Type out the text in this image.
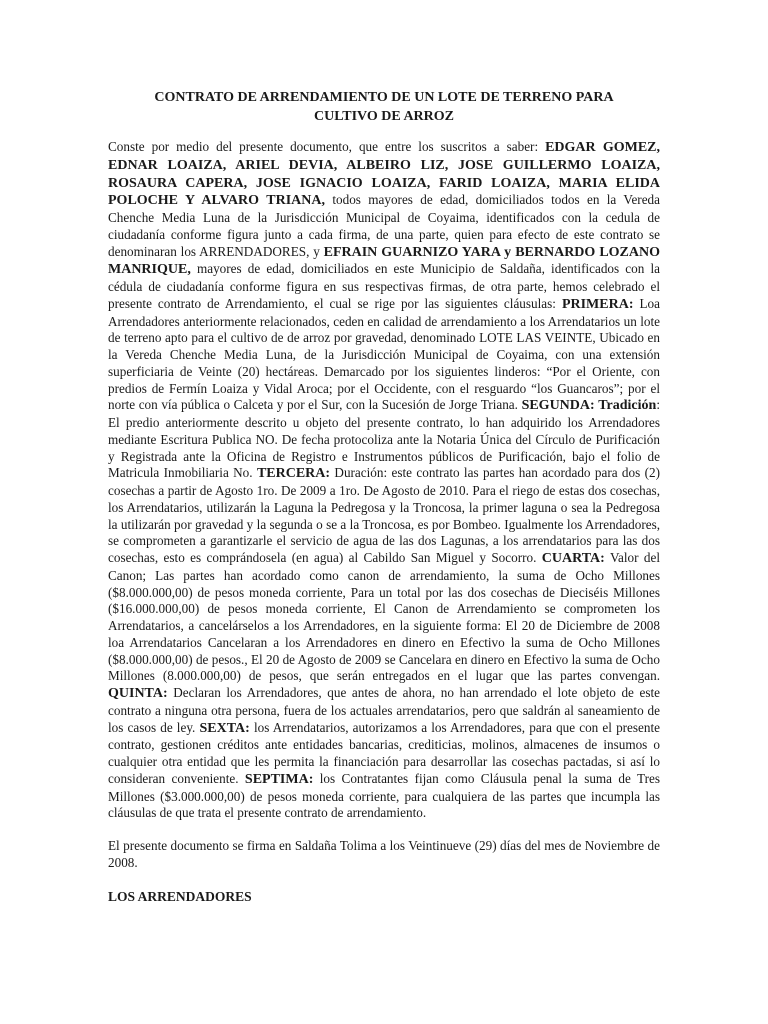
CONTRATO DE ARRENDAMIENTO DE UN LOTE DE TERRENO PARA
CULTIVO DE ARROZ

Conste por medio del presente documento, que entre los suscritos a saber: EDGAR GOMEZ, EDNAR LOAIZA, ARIEL DEVIA, ALBEIRO LIZ, JOSE GUILLERMO LOAIZA, ROSAURA CAPERA, JOSE IGNACIO LOAIZA, FARID LOAIZA, MARIA ELIDA POLOCHE Y ALVARO TRIANA, todos mayores de edad, domiciliados todos en la Vereda Chenche Media Luna de la Jurisdicción Municipal de Coyaima, identificados con la cedula de ciudadanía conforme figura junto a cada firma, de una parte, quien para efecto de este contrato se denominaran los ARRENDADORES, y EFRAIN GUARNIZO YARA y BERNARDO LOZANO MANRIQUE, mayores de edad, domiciliados en este Municipio de Saldaña, identificados con la cédula de ciudadanía conforme figura en sus respectivas firmas, de otra parte, hemos celebrado el presente contrato de Arrendamiento, el cual se rige por las siguientes cláusulas: PRIMERA: Loa Arrendadores anteriormente relacionados, ceden en calidad de arrendamiento a los Arrendatarios un lote de terreno apto para el cultivo de de arroz por gravedad, denominado LOTE LAS VEINTE, Ubicado en la Vereda Chenche Media Luna, de la Jurisdicción Municipal de Coyaima, con una extensión superficiaria de Veinte (20) hectáreas. Demarcado por los siguientes linderos: “Por el Oriente, con predios de Fermín Loaiza y Vidal Aroca; por el Occidente, con el resguardo “los Guancaros”; por el norte con vía pública o Calceta y por el Sur, con la Sucesión de Jorge Triana. SEGUNDA: Tradición: El predio anteriormente descrito u objeto del presente contrato, lo han adquirido los Arrendadores mediante Escritura Publica NO. De fecha protocoliza ante la Notaria Única del Círculo de Purificación y Registrada ante la Oficina de Registro e Instrumentos públicos de Purificación, bajo el folio de Matricula Inmobiliaria No. TERCERA: Duración: este contrato las partes han acordado para dos (2) cosechas a partir de Agosto 1ro. De 2009 a 1ro. De Agosto de 2010. Para el riego de estas dos cosechas, los Arrendatarios, utilizarán la Laguna la Pedregosa y la Troncosa, la primer laguna o sea la Pedregosa la utilizarán por gravedad y la segunda o se a la Troncosa, es por Bombeo. Igualmente los Arrendadores, se comprometen a garantizarle el servicio de agua de las dos Lagunas, a los arrendatarios para las dos cosechas, esto es comprándosela (en agua) al Cabildo San Miguel y Socorro. CUARTA: Valor del Canon; Las partes han acordado como canon de arrendamiento, la suma de Ocho Millones ($8.000.000,00) de pesos moneda corriente, Para un total por las dos cosechas de Dieciséis Millones ($16.000.000,00) de pesos moneda corriente, El Canon de Arrendamiento se comprometen los Arrendatarios, a cancelárselos a los Arrendadores, en la siguiente forma: El 20 de Diciembre de 2008 loa Arrendatarios Cancelaran a los Arrendadores en dinero en Efectivo la suma de Ocho Millones ($8.000.000,00) de pesos., El 20 de Agosto de 2009 se Cancelara en dinero en Efectivo la suma de Ocho Millones (8.000.000,00) de pesos, que serán entregados en el lugar que las partes convengan. QUINTA: Declaran los Arrendadores, que antes de ahora, no han arrendado el lote objeto de este contrato a ninguna otra persona, fuera de los actuales arrendatarios, pero que saldrán al saneamiento de los casos de ley. SEXTA: los Arrendatarios, autorizamos a los Arrendadores, para que con el presente contrato, gestionen créditos ante entidades bancarias, crediticias, molinos, almacenes de insumos o cualquier otra entidad que les permita la financiación para desarrollar las cosechas pactadas, si así lo consideran conveniente. SEPTIMA: los Contratantes fijan como Cláusula penal la suma de Tres Millones ($3.000.000,00) de pesos moneda corriente, para cualquiera de las partes que incumpla las cláusulas de que trata el presente contrato de arrendamiento.

El presente documento se firma en Saldaña Tolima a los Veintinueve (29) días del mes de Noviembre de 2008.

LOS ARRENDADORES
